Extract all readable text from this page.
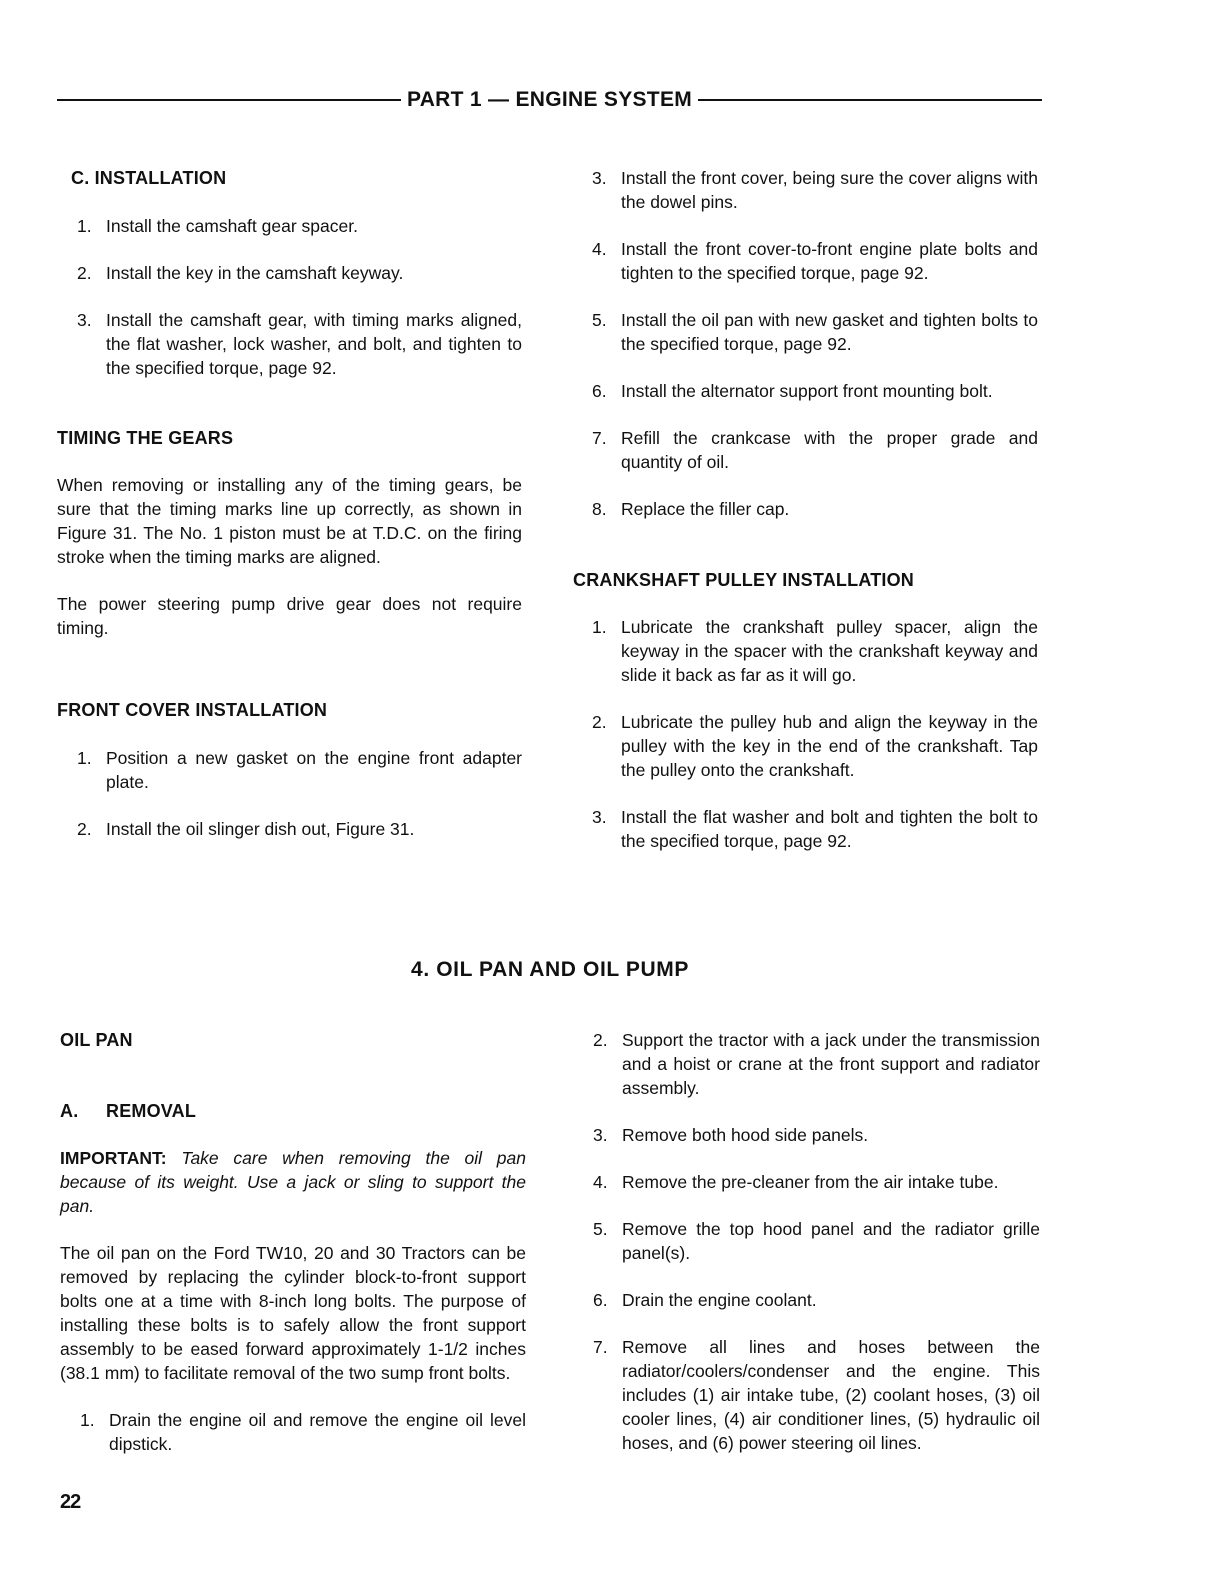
PART 1 — ENGINE SYSTEM
C. INSTALLATION
1. Install the camshaft gear spacer.
2. Install the key in the camshaft keyway.
3. Install the camshaft gear, with timing marks aligned, the flat washer, lock washer, and bolt, and tighten to the specified torque, page 92.
TIMING THE GEARS

When removing or installing any of the timing gears, be sure that the timing marks line up correctly, as shown in Figure 31. The No. 1 piston must be at T.D.C. on the firing stroke when the timing marks are aligned.

The power steering pump drive gear does not require timing.

FRONT COVER INSTALLATION
1. Position a new gasket on the engine front adapter plate.
2. Install the oil slinger dish out, Figure 31.
3. Install the front cover, being sure the cover aligns with the dowel pins.
4. Install the front cover-to-front engine plate bolts and tighten to the specified torque, page 92.
5. Install the oil pan with new gasket and tighten bolts to the specified torque, page 92.
6. Install the alternator support front mounting bolt.
7. Refill the crankcase with the proper grade and quantity of oil.
8. Replace the filler cap.
CRANKSHAFT PULLEY INSTALLATION
1. Lubricate the crankshaft pulley spacer, align the keyway in the spacer with the crankshaft keyway and slide it back as far as it will go.
2. Lubricate the pulley hub and align the keyway in the pulley with the key in the end of the crankshaft. Tap the pulley onto the crankshaft.
3. Install the flat washer and bolt and tighten the bolt to the specified torque, page 92.
4. OIL PAN AND OIL PUMP
OIL PAN
A. REMOVAL

IMPORTANT: Take care when removing the oil pan because of its weight. Use a jack or sling to support the pan.

The oil pan on the Ford TW10, 20 and 30 Tractors can be removed by replacing the cylinder block-to-front support bolts one at a time with 8-inch long bolts. The purpose of installing these bolts is to safely allow the front support assembly to be eased forward approximately 1-1/2 inches (38.1 mm) to facilitate removal of the two sump front bolts.

1. Drain the engine oil and remove the engine oil level dipstick.
2. Support the tractor with a jack under the transmission and a hoist or crane at the front support and radiator assembly.
3. Remove both hood side panels.
4. Remove the pre-cleaner from the air intake tube.
5. Remove the top hood panel and the radiator grille panel(s).
6. Drain the engine coolant.
7. Remove all lines and hoses between the radiator/coolers/condenser and the engine. This includes (1) air intake tube, (2) coolant hoses, (3) oil cooler lines, (4) air conditioner lines, (5) hydraulic oil hoses, and (6) power steering oil lines.
22
